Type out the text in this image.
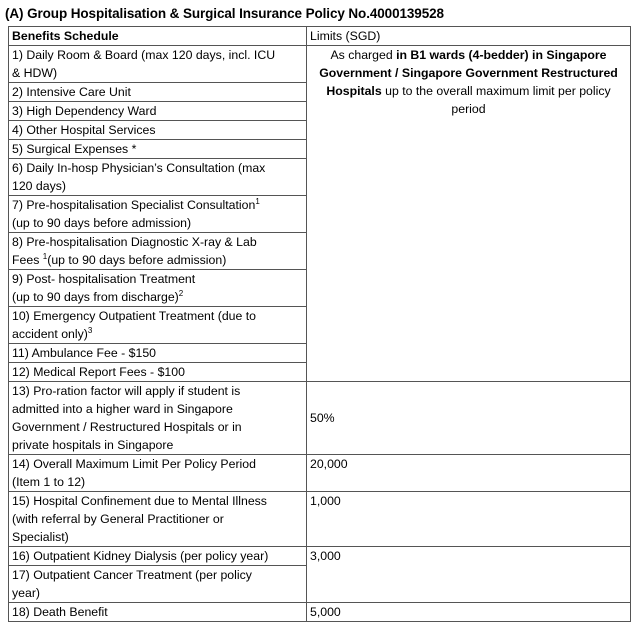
(A) Group Hospitalisation & Surgical Insurance Policy No.4000139528
Benefits Schedule	Limits (SGD)
1) Daily Room & Board (max 120 days, incl. ICU
& HDW)	As charged in B1 wards (4-bedder) in Singapore Government / Singapore Government Restructured Hospitals up to the overall maximum limit per policy period
2) Intensive Care Unit	
3) High Dependency Ward	
4) Other Hospital Services	
5) Surgical Expenses *	
6) Daily In-hosp Physician’s Consultation (max
120 days)	
7) Pre-hospitalisation Specialist Consultation$^1$
(up to 90 days before admission)	
8) Pre-hospitalisation Diagnostic X-ray & Lab
Fees $^1$(up to 90 days before admission)	
9) Post- hospitalisation Treatment
(up to 90 days from discharge)$^2$
10) Emergency Outpatient Treatment (due to
accident only)$^3$
11) Ambulance Fee - $150	
12) Medical Report Fees - $100	
13) Pro-ration factor will apply if student is
admitted into a higher ward in Singapore
Government / Restructured Hospitals or in
private hospitals in Singapore	50%
14) Overall Maximum Limit Per Policy Period
(Item 1 to 12)	20,000
15) Hospital Confinement due to Mental Illness
(with referral by General Practitioner or
Specialist)	1,000
16) Outpatient Kidney Dialysis (per policy year)	3,000
17) Outpatient Cancer Treatment (per policy
year)	
18) Death Benefit	5,000
